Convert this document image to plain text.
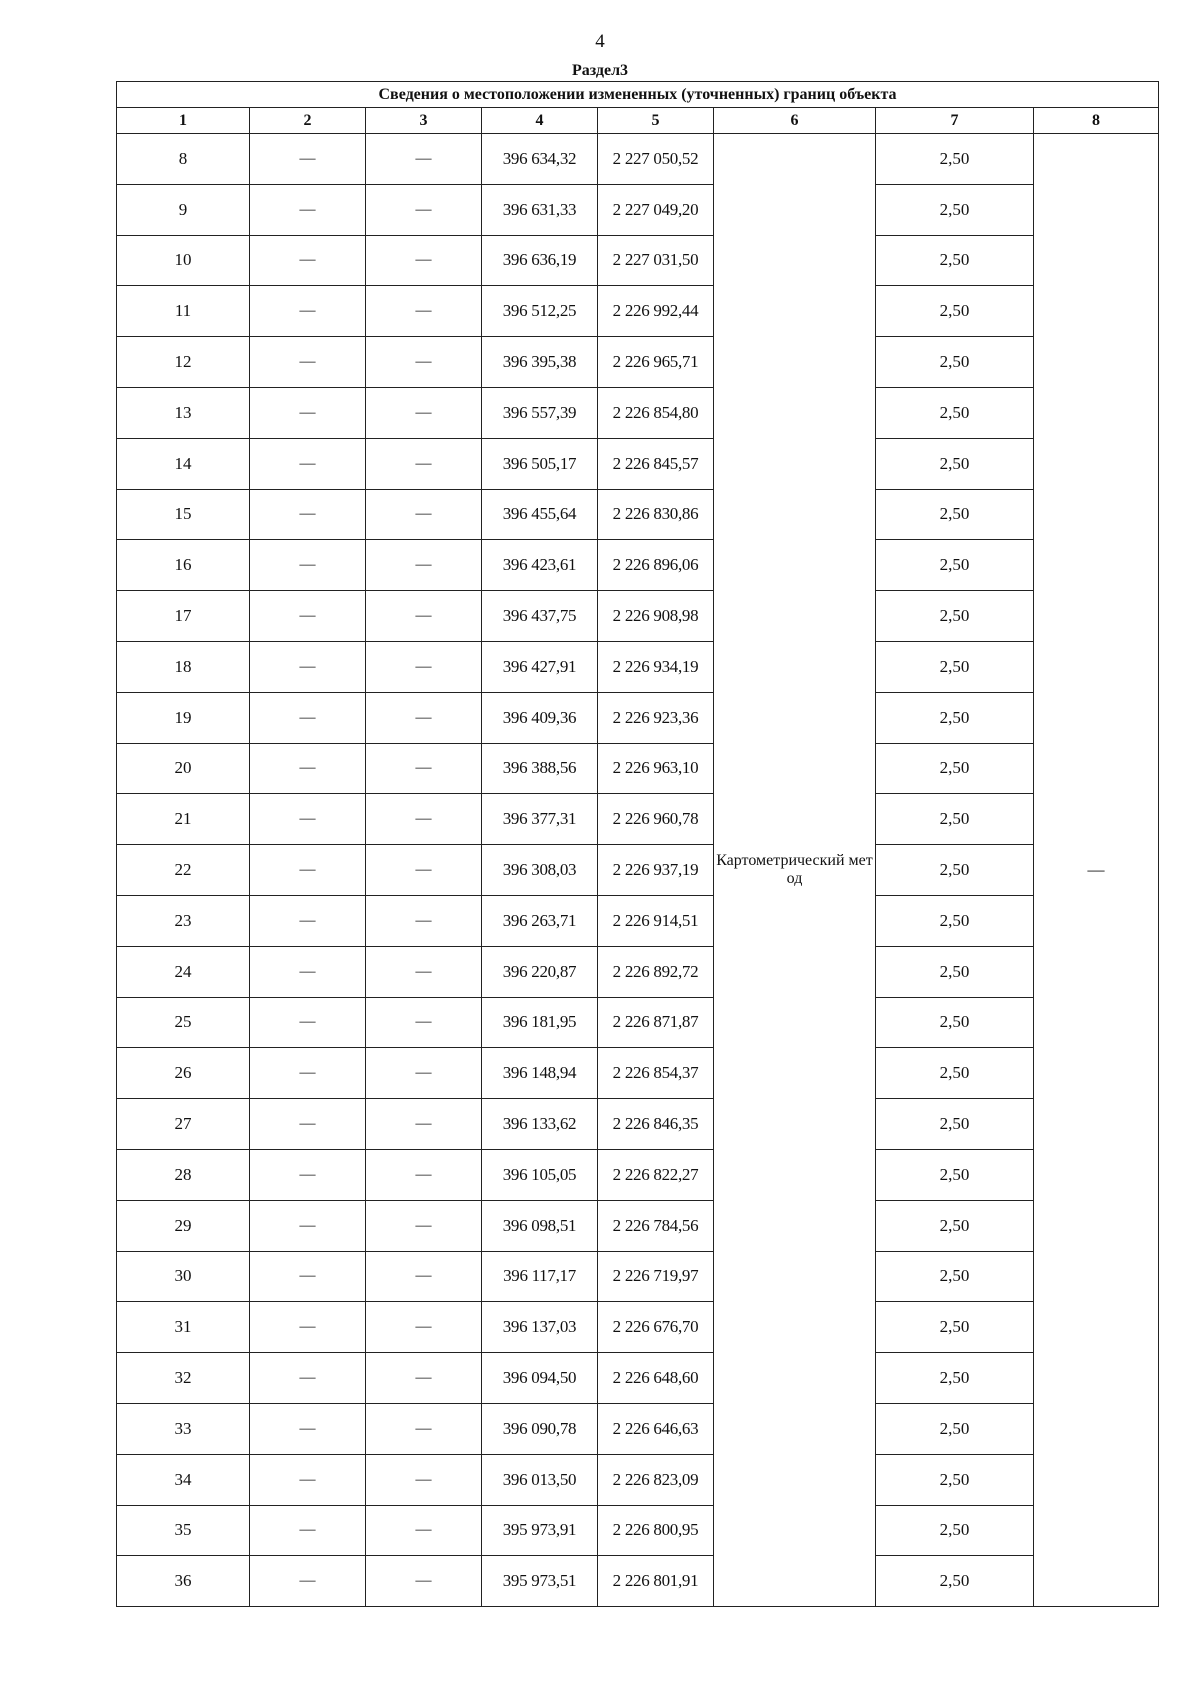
4
Раздел3
Сведения о местоположении измененных (уточненных) границ объекта							
1	2	3	4	5	6	7	8
8	—	—	396 634,32	2 227 050,52	Картометрический метод	2,50	—
9	—	—	396 631,33	2 227 049,20		2,50	
10	—	—	396 636,19	2 227 031,50		2,50	
11	—	—	396 512,25	2 226 992,44		2,50	
12	—	—	396 395,38	2 226 965,71		2,50	
13	—	—	396 557,39	2 226 854,80		2,50	
14	—	—	396 505,17	2 226 845,57		2,50	
15	—	—	396 455,64	2 226 830,86		2,50	
16	—	—	396 423,61	2 226 896,06		2,50	
17	—	—	396 437,75	2 226 908,98		2,50	
18	—	—	396 427,91	2 226 934,19		2,50	
19	—	—	396 409,36	2 226 923,36		2,50	
20	—	—	396 388,56	2 226 963,10		2,50	
21	—	—	396 377,31	2 226 960,78		2,50	
22	—	—	396 308,03	2 226 937,19		2,50	
23	—	—	396 263,71	2 226 914,51		2,50	
24	—	—	396 220,87	2 226 892,72		2,50	
25	—	—	396 181,95	2 226 871,87		2,50	
26	—	—	396 148,94	2 226 854,37		2,50	
27	—	—	396 133,62	2 226 846,35		2,50	
28	—	—	396 105,05	2 226 822,27		2,50	
29	—	—	396 098,51	2 226 784,56		2,50	
30	—	—	396 117,17	2 226 719,97		2,50	
31	—	—	396 137,03	2 226 676,70		2,50	
32	—	—	396 094,50	2 226 648,60		2,50	
33	—	—	396 090,78	2 226 646,63		2,50	
34	—	—	396 013,50	2 226 823,09		2,50	
35	—	—	395 973,91	2 226 800,95		2,50	
36	—	—	395 973,51	2 226 801,91		2,50	
